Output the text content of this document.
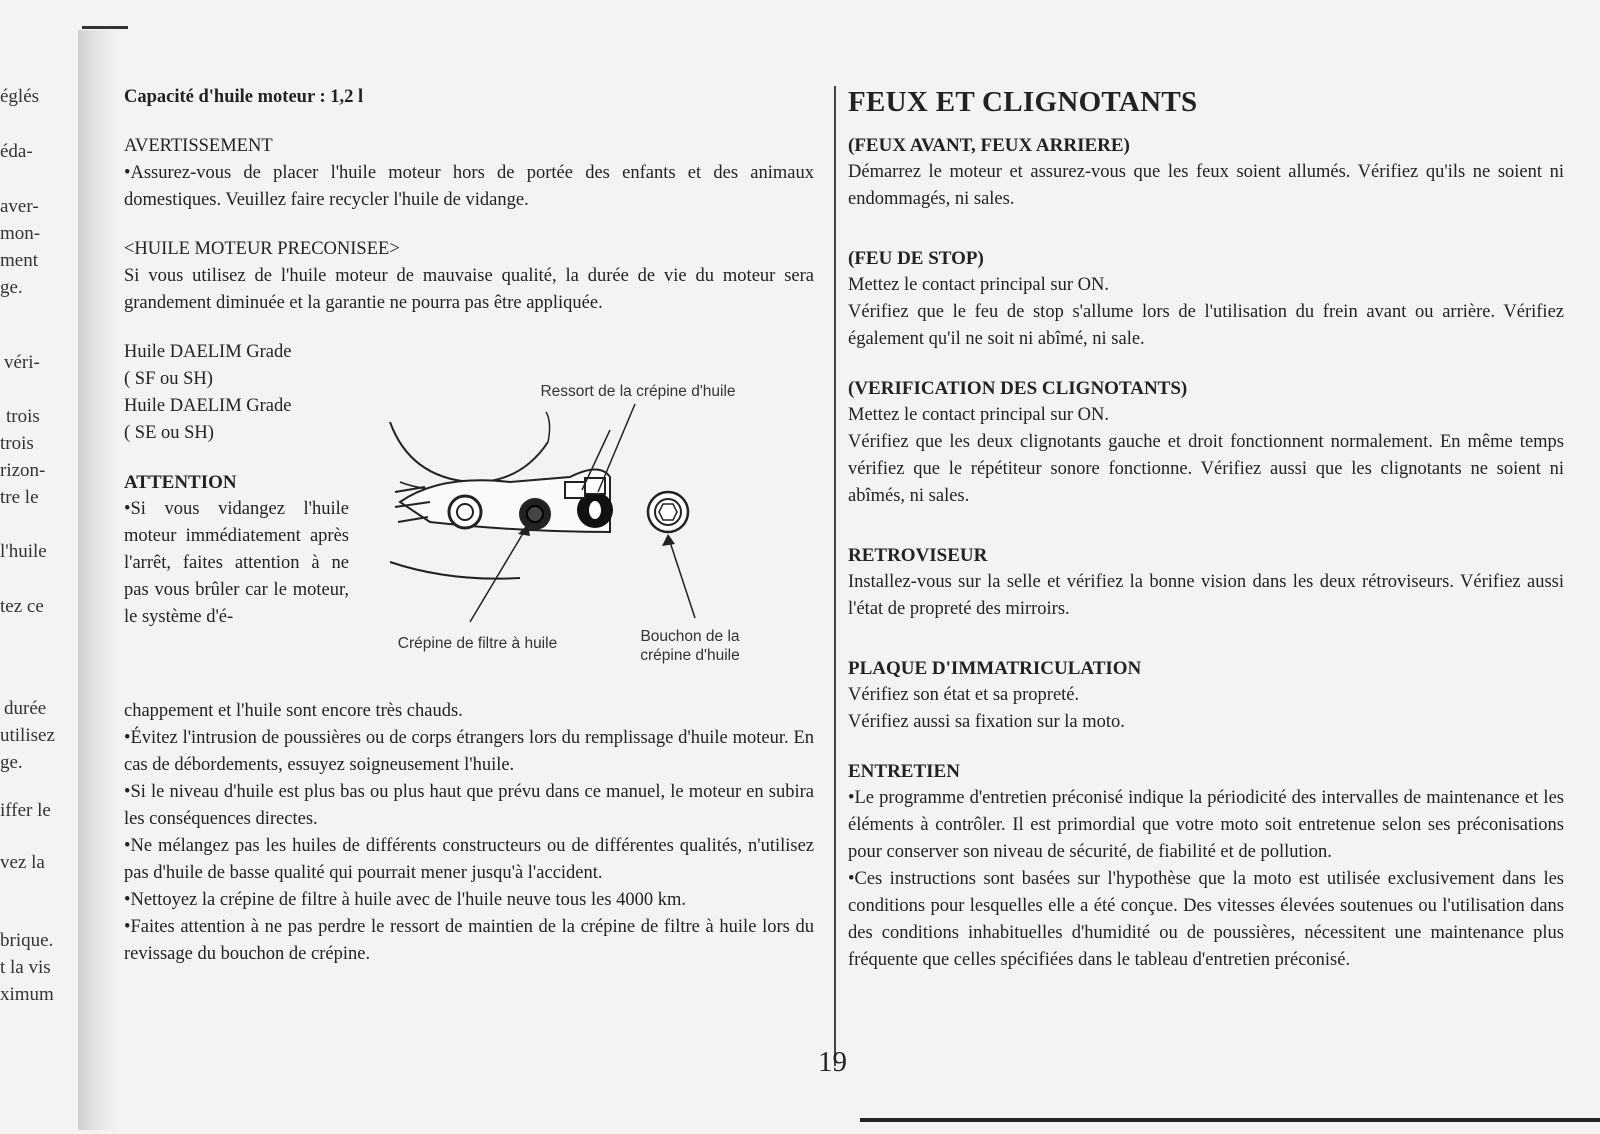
églés
éda-
aver-
mon-
ment
ge.
véri-
trois
trois
rizon-
tre le
l'huile
tez ce
durée
utilisez
ge.
iffer le
vez la
brique.
t la vis
ximum

Capacité d'huile moteur : 1,2 l

AVERTISSEMENT

•Assurez-vous de placer l'huile moteur hors de portée des enfants et des animaux domestiques. Veuillez faire recycler l'huile de vidange.

<HUILE MOTEUR PRECONISEE>

Si vous utilisez de l'huile moteur de mauvaise qualité, la durée de vie du moteur sera grandement diminuée et la garantie ne pourra pas être appliquée.

Huile DAELIM Grade

( SF ou SH)

Huile DAELIM Grade

( SE ou SH)

ATTENTION

•Si vous vidangez l'huile moteur immédiatement après l'arrêt, faites attention à ne pas vous brûler car le moteur, le système d'é-

chappement et l'huile sont encore très chauds.

•Évitez l'intrusion de poussières ou de corps étrangers lors du remplissage d'huile moteur. En cas de débordements, essuyez soigneusement l'huile.

•Si le niveau d'huile est plus bas ou plus haut que prévu dans ce manuel, le moteur en subira les conséquences directes.

•Ne mélangez pas les huiles de différents constructeurs ou de différentes qualités, n'utilisez pas d'huile de basse qualité qui pourrait mener jusqu'à l'accident.

•Nettoyez la crépine de filtre à huile avec de l'huile neuve tous les 4000 km.

•Faites attention à ne pas perdre le ressort de maintien de la crépine de filtre à huile lors du revissage du bouchon de crépine.

Ressort de la crépine d'huile
Crépine de filtre à huile	Bouchon de la
crépine d'huile

FEUX ET CLIGNOTANTS

(FEUX AVANT, FEUX ARRIERE)

Démarrez le moteur et assurez-vous que les feux soient allumés. Vérifiez qu'ils ne soient ni endommagés, ni sales.

(FEU DE STOP)

Mettez le contact principal sur ON.

Vérifiez que le feu de stop s'allume lors de l'utilisation du frein avant ou arrière. Vérifiez également qu'il ne soit ni abîmé, ni sale.

(VERIFICATION DES CLIGNOTANTS)

Mettez le contact principal sur ON.

Vérifiez que les deux clignotants gauche et droit fonctionnent normalement. En même temps vérifiez que le répétiteur sonore fonctionne. Vérifiez aussi que les clignotants ne soient ni abîmés, ni sales.

RETROVISEUR

Installez-vous sur la selle et vérifiez la bonne vision dans les deux rétroviseurs. Vérifiez aussi l'état de propreté des mirroirs.

PLAQUE D'IMMATRICULATION

Vérifiez son état et sa propreté.

Vérifiez aussi sa fixation sur la moto.

ENTRETIEN

•Le programme d'entretien préconisé indique la périodicité des intervalles de maintenance et les éléments à contrôler. Il est primordial que votre moto soit entretenue selon ses préconisations pour conserver son niveau de sécurité, de fiabilité et de pollution.

•Ces instructions sont basées sur l'hypothèse que la moto est utilisée exclusivement dans les conditions pour lesquelles elle a été conçue. Des vitesses élevées soutenues ou l'utilisation dans des conditions inhabituelles d'humidité ou de poussières, nécessitent une maintenance plus fréquente que celles spécifiées dans le tableau d'entretien préconisé.

19
